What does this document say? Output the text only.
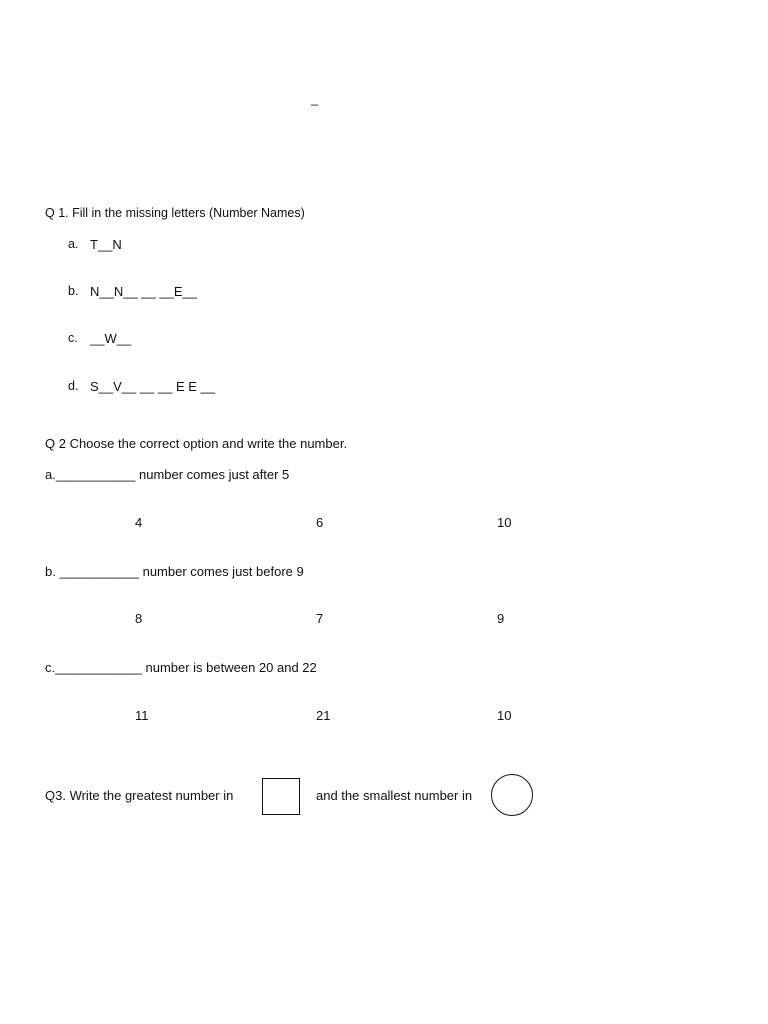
_
Q 1. Fill in the missing letters (Number Names)
a. T__N
b. N__N__ __ __E__
c. __W__
d. S__V__ __ __ E E __
Q 2 Choose the correct option and write the number.
a.___________ number comes just after 5
4	6	10
b. ___________ number comes just before 9
8	7	9
c.____________ number is between 20 and 22
11	21	10
Q3. Write the greatest number in	and the smallest number in
